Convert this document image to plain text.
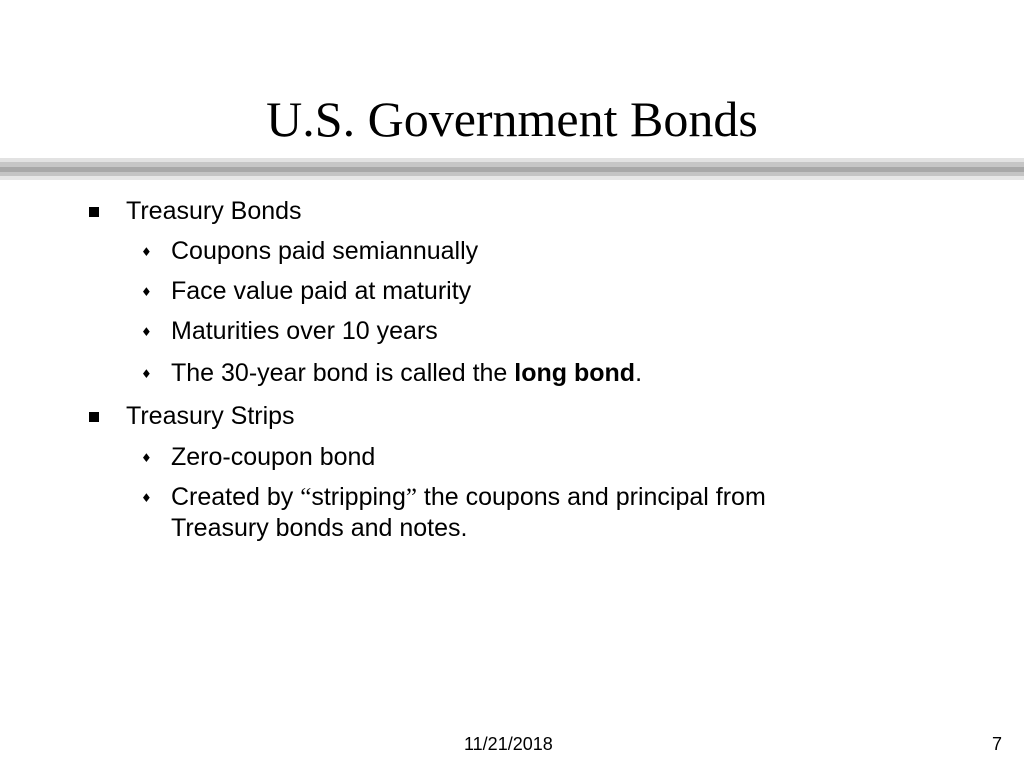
U.S. Government Bonds
Treasury Bonds
♦ Coupons paid semiannually
♦ Face value paid at maturity
♦ Maturities over 10 years
♦ The 30-year bond is called the long bond.
Treasury Strips
♦ Zero-coupon bond
♦ Created by “stripping” the coupons and principal from
Treasury bonds and notes.
11/21/2018	7
